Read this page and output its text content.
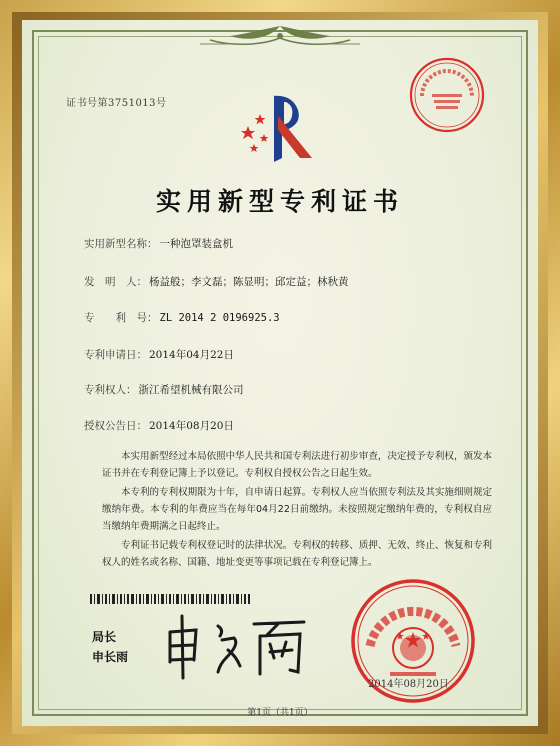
证书号第3751013号
实用新型专利证书
实用新型名称： 一种泡罩装盒机
发　明　人： 杨益般；李文磊；陈显明；邱定益；林秋黄
专　　利　号： ZL 2014 2 0196925.3
专利申请日： 2014年04月22日
专利权人： 浙江希望机械有限公司
授权公告日： 2014年08月20日

本实用新型经过本局依照中华人民共和国专利法进行初步审查，决定授予专利权，颁发本证书并在专利登记簿上予以登记。专利权自授权公告之日起生效。

本专利的专利权期限为十年，自申请日起算。专利权人应当依照专利法及其实施细则规定缴纳年费。本专利的年费应当在每年04月22日前缴纳。未按照规定缴纳年费的，专利权自应当缴纳年费期满之日起终止。

专利证书记载专利权登记时的法律状况。专利权的转移、质押、无效、终止、恢复和专利权人的姓名或名称、国籍、地址变更等事项记载在专利登记簿上。

局长
申长雨
2014年08月20日
第1页（共1页）
